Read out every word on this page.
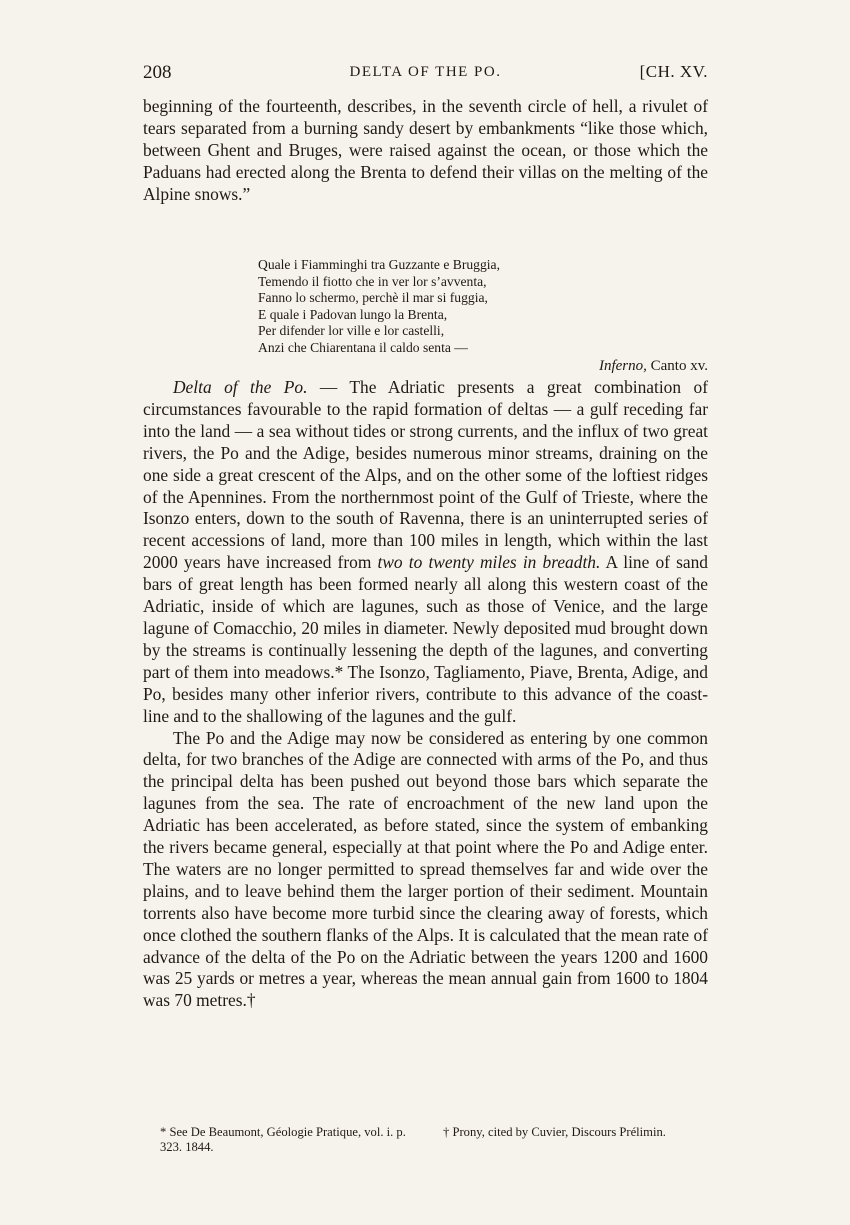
208	DELTA OF THE PO.	[CH. XV.

beginning of the fourteenth, describes, in the seventh circle of hell, a rivulet of tears separated from a burning sandy desert by embankments “like those which, between Ghent and Bruges, were raised against the ocean, or those which the Paduans had erected along the Brenta to defend their villas on the melting of the Alpine snows.”

Quale i Fiamminghi tra Guzzante e Bruggia,
Temendo il fiotto che in ver lor s’avventa,
Fanno lo schermo, perchè il mar si fuggia,
E quale i Padovan lungo la Brenta,
Per difender lor ville e lor castelli,
Anzi che Chiarentana il caldo senta —
Inferno, Canto xv.

Delta of the Po. — The Adriatic presents a great combination of circumstances favourable to the rapid formation of deltas — a gulf receding far into the land — a sea without tides or strong currents, and the influx of two great rivers, the Po and the Adige, besides numerous minor streams, draining on the one side a great crescent of the Alps, and on the other some of the loftiest ridges of the Apennines. From the northernmost point of the Gulf of Trieste, where the Isonzo enters, down to the south of Ravenna, there is an uninterrupted series of recent accessions of land, more than 100 miles in length, which within the last 2000 years have increased from two to twenty miles in breadth. A line of sand bars of great length has been formed nearly all along this western coast of the Adriatic, inside of which are lagunes, such as those of Venice, and the large lagune of Comacchio, 20 miles in diameter. Newly deposited mud brought down by the streams is continually lessening the depth of the lagunes, and converting part of them into meadows.* The Isonzo, Tagliamento, Piave, Brenta, Adige, and Po, besides many other inferior rivers, contribute to this advance of the coast-line and to the shallowing of the lagunes and the gulf.

The Po and the Adige may now be considered as entering by one common delta, for two branches of the Adige are connected with arms of the Po, and thus the principal delta has been pushed out beyond those bars which separate the lagunes from the sea. The rate of encroachment of the new land upon the Adriatic has been accelerated, as before stated, since the system of embanking the rivers became general, especially at that point where the Po and Adige enter. The waters are no longer permitted to spread themselves far and wide over the plains, and to leave behind them the larger portion of their sediment. Mountain torrents also have become more turbid since the clearing away of forests, which once clothed the southern flanks of the Alps. It is calculated that the mean rate of advance of the delta of the Po on the Adriatic between the years 1200 and 1600 was 25 yards or metres a year, whereas the mean annual gain from 1600 to 1804 was 70 metres.†

* See De Beaumont, Géologie Pratique, vol. i. p. 323. 1844.
† Prony, cited by Cuvier, Discours Prélimin.
